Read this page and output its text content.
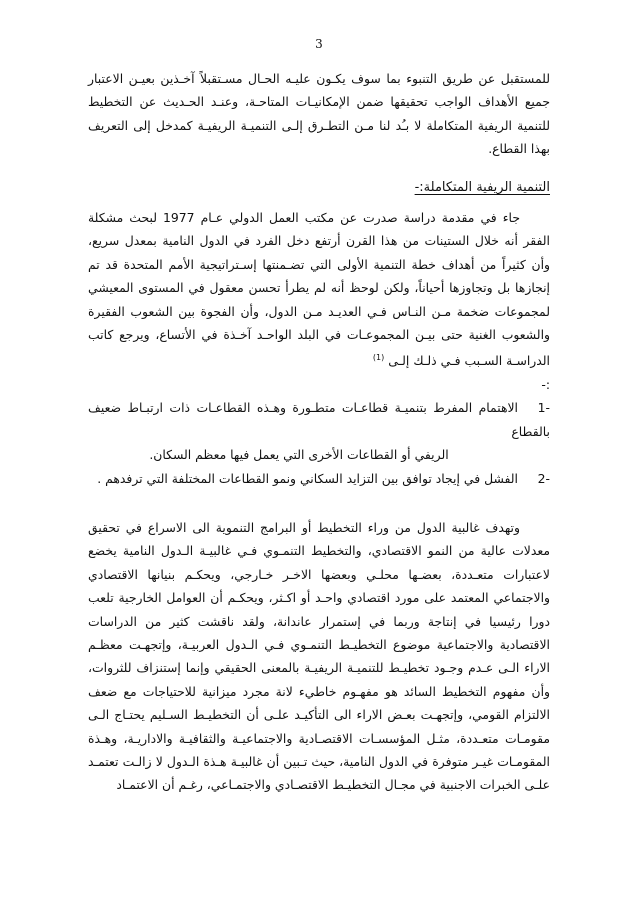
3

للمستقبل عن طريق التنبوء بما سوف يكـون عليـه الحـال مسـتقبلاً آخـذين بعيـن الاعتبار جميع الأهداف الواجب تحقيقها ضمن الإمكانيـات المتاحـة، وعنـد الحـديث عن التخطيط للتنمية الريفية المتكاملة لا بـُد لنا مـن التطـرق إلـى التنميـة الريفيـة كمدخل إلى التعريف بهذا القطاع.

التنمية الريفية المتكاملة:-

جاء في مقدمة دراسة صدرت عن مكتب العمل الدولي عـام 1977 لبحث مشكلة الفقر أنه خلال الستينات من هذا القرن أرتفع دخل الفرد في الدول النامية بمعدل سريع، وأن كثيراً من أهداف خطة التنمية الأولى التي تضـمنتها إسـتراتيجية الأمم المتحدة قد تم إنجازها بل وتجاوزها أحياناً، ولكن لوحظ أنه لم يطرأ تحسن معقول في المستوى المعيشي لمجموعات ضخمة مـن النـاس فـي العديـد مـن الدول، وأن الفجوة بين الشعوب الفقيرة والشعوب الغنية حتى بيـن المجموعـات في البلد الواحـد آخـذة في الأتساع، ويرجع كاتب الدراسـة السـبب فـي ذلـك إلـى $^{(1)}$

:-

-1الاهتمام المفرط بتنميـة قطاعـات متطـورة وهـذه القطاعـات ذات ارتبـاط ضعيف بالقطاع

الريفي أو القطاعات الأخرى التي يعمل فيها معظم السكان.

-2الفشل في إيجاد توافق بين التزايد السكاني ونمو القطاعات المختلفة التي ترفدهم .

وتهدف غالبية الدول من وراء التخطيط أو البرامج التنموية الى الاسراع في تحقيق معدلات عالية من النمو الاقتصادي، والتخطيط التنمـوي فـي غالبيـة الـدول النامية يخضع لاعتبارات متعـددة، بعضـها محلـي وبعضها الاخـر خـارجي، ويحكـم بنيانها الاقتصادي والاجتماعي المعتمد على مورد اقتصادي واحـد أو اكـثر، ويحكـم أن العوامل الخارجية تلعب دورا رئيسيا في إنتاجة وربما في إستمرار عاندانة، ولقد ناقشت كثير من الدراسات الاقتصادية والاجتماعية موضوع التخطيـط التنمـوي فـي الـدول العربيـة، وإتجهـت معظـم الاراء الـى عـدم وجـود تخطيـط للتنميـة الريفيـة بالمعنى الحقيقي وإنما إستنزاف للثروات، وأن مفهوم التخطيط السائد هو مفهـوم خاطيء لانة مجرد ميزانية للاحتياجات مع ضعف الالتزام القومي، وإتجهـت بعـض الاراء الى التأكيـد علـى أن التخطيـط السـليم يحتـاج الـى مقومـات متعـددة، مثـل المؤسسـات الاقتصـادية والاجتماعيـة والثقافيـة والاداريـة، وهـذة المقومـات غيـر متوفرة في الدول النامية، حيث تـبين أن غالبيـة هـذة الـدول لا زالـت تعتمـد علـى الخبرات الاجنبية في مجـال التخطيـط الاقتصـادي والاجتمـاعي، رغـم أن الاعتمـاد
